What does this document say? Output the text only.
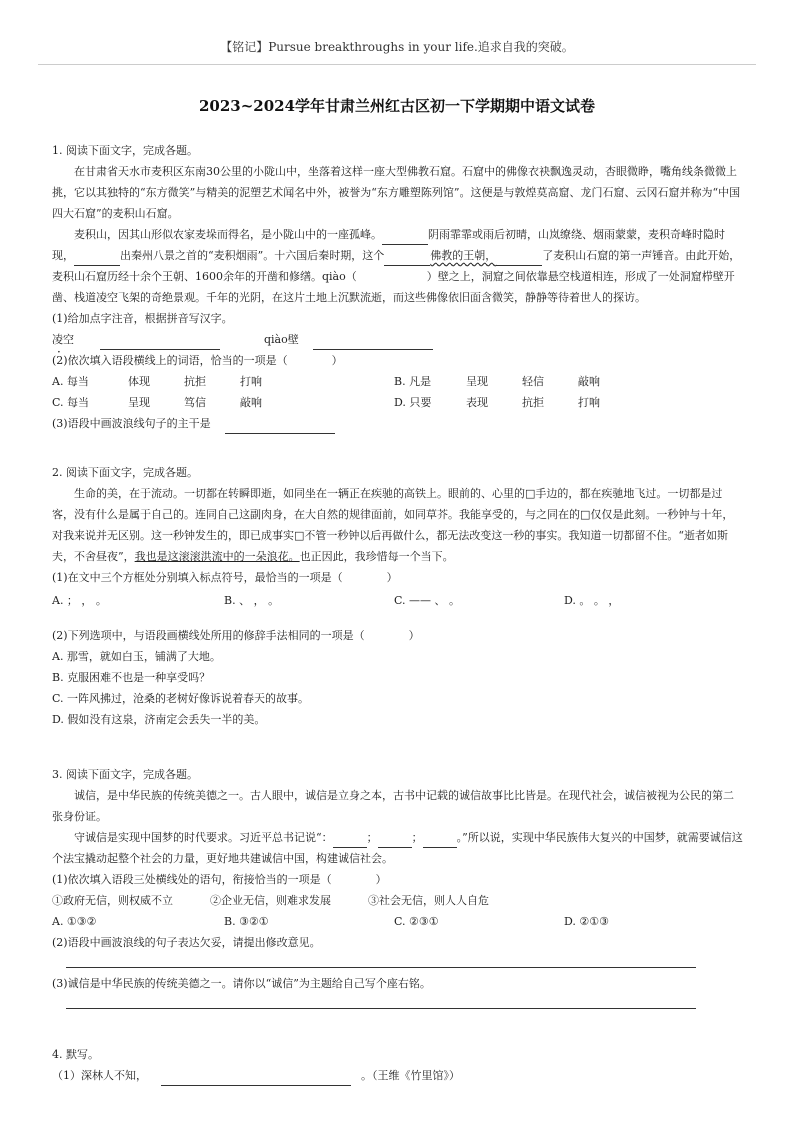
【铭记】Pursue breakthroughs in your life.追求自我的突破。
2023~2024学年甘肃兰州红古区初一下学期期中语文试卷

1. 阅读下面文字，完成各题。

在甘肃省天水市麦积区东南30公里的小陇山中，坐落着这样一座大型佛教石窟。石窟中的佛像衣袂飘逸灵动，杏眼微睁，嘴角线条微微上挑，它以其独特的“东方微笑”与精美的泥塑艺术闻名中外，被誉为“东方雕塑陈列馆”。这便是与敦煌莫高窟、龙门石窟、云冈石窟并称为“中国四大石窟”的麦积山石窟。

麦积山，因其山形似农家麦垛而得名，是小陇山中的一座孤峰。	阴雨霏霏或雨后初晴，山岚缭绕、烟雨蒙蒙，麦积奇峰时隐时现，	出秦州八景之首的“麦积烟雨”。十六国后秦时期，这个	佛教的王朝，	了麦积山石窟的第一声锤音。由此开始，麦积山石窟历经十余个王朝、1600余年的开凿和修缮。qiào（	）壁之上，洞窟之间依靠悬空栈道相连，形成了一处洞窟栉壁开凿、栈道凌空飞架的奇绝景观。千年的光阴，在这片土地上沉默流逝，而这些佛像依旧面含微笑，静静等待着世人的探访。

(1)给加点字注音，根据拼音写汉字。

凌空	qiào壁

(2)依次填入语段横线上的词语，恰当的一项是（　　　　）

A. 每当	体现	抗拒	打响	B. 凡是	呈现	轻信	敲响
C. 每当	呈现	笃信	敲响	D. 只要	表现	抗拒	打响

(3)语段中画波浪线句子的主干是

2. 阅读下面文字，完成各题。

生命的美，在于流动。一切都在转瞬即逝，如同坐在一辆正在疾驰的高铁上。眼前的、心里的□手边的，都在疾驰地飞过。一切都是过客，没有什么是属于自己的。连同自己这副肉身，在大自然的规律面前，如同草芥。我能享受的，与之同在的□仅仅是此刻。一秒钟与十年，对我来说并无区别。这一秒钟发生的，即已成事实□不管一秒钟以后再做什么，都无法改变这一秒的事实。我知道一切都留不住。“逝者如斯夫，不舍昼夜”，我也是这滚滚洪流中的一朵浪花。也正因此，我珍惜每一个当下。

(1)在文中三个方框处分别填入标点符号，最恰当的一项是（　　　　）

A. ； ， 。	B. 、 ， 。	C. —— 、 。	D. 。 。 ，

(2)下列选项中，与语段画横线处所用的修辞手法相同的一项是（　　　　）

A. 那雪，就如白玉，铺满了大地。

B. 克服困难不也是一种享受吗？

C. 一阵风拂过，沧桑的老树好像诉说着春天的故事。

D. 假如没有这泉，济南定会丢失一半的美。

3. 阅读下面文字，完成各题。

诚信，是中华民族的传统美德之一。古人眼中，诚信是立身之本，古书中记载的诚信故事比比皆是。在现代社会，诚信被视为公民的第二张身份证。

守诚信是实现中国梦的时代要求。习近平总书记说“：	；	；	。”所以说，实现中华民族伟大复兴的中国梦，就需要诚信这个法宝撬动起整个社会的力量，更好地共建诚信中国，构建诚信社会。

(1)依次填入语段三处横线处的语句，衔接恰当的一项是（　　　　）

①政府无信，则权威不立	②企业无信，则难求发展	③社会无信，则人人自危
A. ①③②	B. ③②①	C. ②③①	D. ②①③

(2)语段中画波浪线的句子表达欠妥，请提出修改意见。

(3)诚信是中华民族的传统美德之一。请你以“诚信”为主题给自己写个座右铭。

4. 默写。

（1）深林人不知，	。（王维《竹里馆》）
